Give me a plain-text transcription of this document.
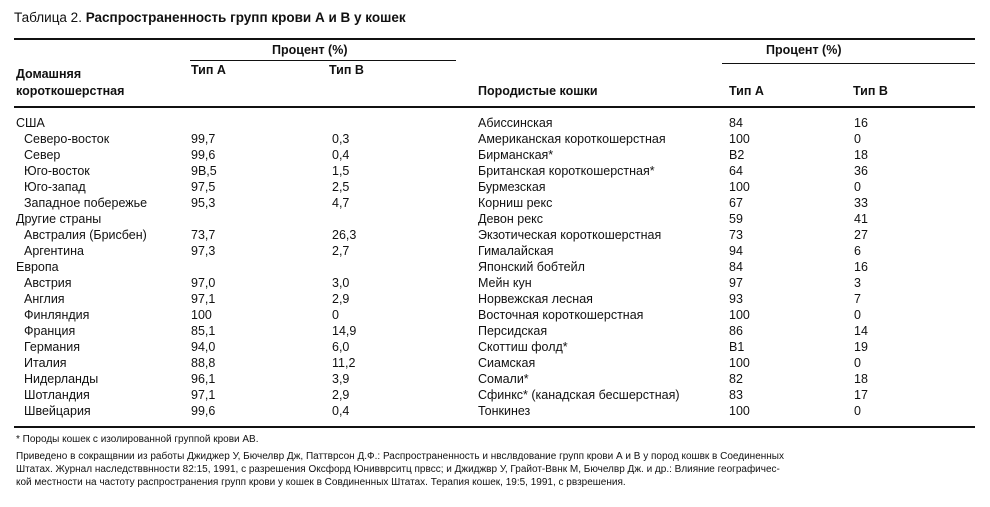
Таблица 2. Распространенность групп крови А и В у кошек
Процент (%)
Домашняя
короткошерстная
Тип А	Тип В
Процент (%)
Породистые кошки	Тип А	Тип В
США
Северо-восток	99,7	0,3
Север	99,6	0,4
Юго-восток	9В,5	1,5
Юго-запад	97,5	2,5
Западное побережье	95,3	4,7
Другие страны
Австралия (Брисбен)	73,7	26,3
Аргентина	97,3	2,7
Европа
Австрия	97,0	3,0
Англия	97,1	2,9
Финляндия	100	0
Франция	85,1	14,9
Германия	94,0	6,0
Италия	88,8	11,2
Нидерланды	96,1	3,9
Шотландия	97,1	2,9
Швейцария	99,6	0,4
Абиссинская	84	16
Американская короткошерстная	100	0
Бирманская*	В2	18
Британская короткошерстная*	64	36
Бурмезская	100	0
Корниш рекс	67	33
Девон рекс	59	41
Экзотическая короткошерстная	73	27
Гималайская	94	6
Японский бобтейл	84	16
Мейн кун	97	3
Норвежская лесная	93	7
Восточная короткошерстная	100	0
Персидская	86	14
Скоттиш фолд*	В1	19
Сиамская	100	0
Сомали*	82	18
Сфинкс* (канадская бесшерстная)	83	17
Тонкинез	100	0
* Породы кошек с изолированной группой крови АВ.
Приведено в сокращвнии из работы Джиджер У, Бючелвр Дж, Паттврсон Д.Ф.: Распространенность и нвслвдование групп крови А и В у пород кошвк в Соединенных
Штатах. Журнал наследстввнности 82:15, 1991, с разрешения Оксфорд Юнивврситц првсс; и Джиджвр У, Грайот-Ввнк М, Бючелвр Дж. и др.: Влияние географичес-
кой местности на частоту распространения групп крови у кошек в Совдиненных Штатах. Терапия кошек, 19:5, 1991, с рвзрешения.
